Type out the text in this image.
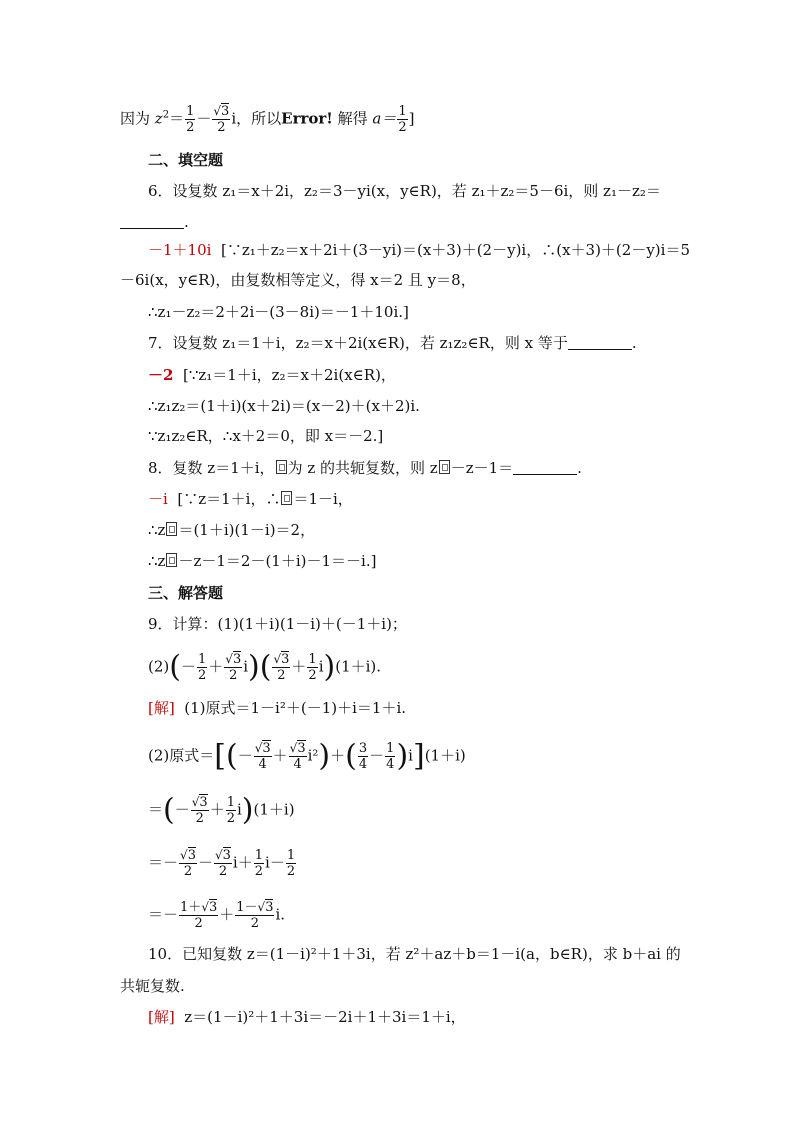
因为 $z^2= \frac{1}{2} - \frac{√3}{2}$ i，所以Error! 解得 $a= \frac{1}{2}$ ]
二、填空题
6．设复数 z₁＝x＋2i，z₂＝3－yi(x，y∈R)，若 z₁＋z₂＝5－6i，则 z₁－z₂＝
.
－1＋10i [∵z₁＋z₂＝x＋2i＋(3－yi)＝(x＋3)＋(2－y)i，∴(x＋3)＋(2－y)i＝5
－6i(x，y∈R)，由复数相等定义，得 x＝2 且 y＝8，
∴z₁－z₂＝2＋2i－(3－8i)＝－1＋10i.]
7．设复数 z₁＝1＋i，z₂＝x＋2i(x∈R)，若 z₁z₂∈R，则 x 等于	.
－2 [∵z₁＝1＋i，z₂＝x＋2i(x∈R)，
∴z₁z₂＝(1＋i)(x＋2i)＝(x－2)＋(x＋2)i.
∵z₁z₂∈R，∴x＋2＝0，即 x＝－2.]
8．复数 z＝1＋i， 为 z 的共轭复数，则 z －z－1＝	.
－i [∵z＝1＋i，∴ ＝1－i，
∴z ＝(1＋i)(1－i)＝2，
∴z －z－1＝2－(1＋i)－1＝－i.]
三、解答题
9．计算：(1)(1＋i)(1－i)＋(－1＋i)；
$(2)(- \frac{1}{2} + \frac{√3}{2} i)( \frac{√3}{2} + \frac{1}{2} i)(1+i)$.
[解] (1)原式＝1－i²＋(－1)＋i＝1＋i.
(2)原式＝[(－ $\frac{√3}{4} + \frac{√3}{4} i^2)+( \frac{3}{4} - \frac{1}{4} )i](1+i)$
＝(－ $\frac{√3}{2} + \frac{1}{2} i)(1+i)$
＝－ $\frac{√3}{2} - \frac{√3}{2} i+ \frac{1}{2} i- \frac{1}{2}$
＝－ $\frac{1+√3}{2} + \frac{1-√3}{2} i$.
10．已知复数 z＝(1－i)²＋1＋3i，若 z²＋az＋b＝1－i(a，b∈R)，求 b＋ai 的
共轭复数.
[解] z＝(1－i)²＋1＋3i＝－2i＋1＋3i＝1＋i，
